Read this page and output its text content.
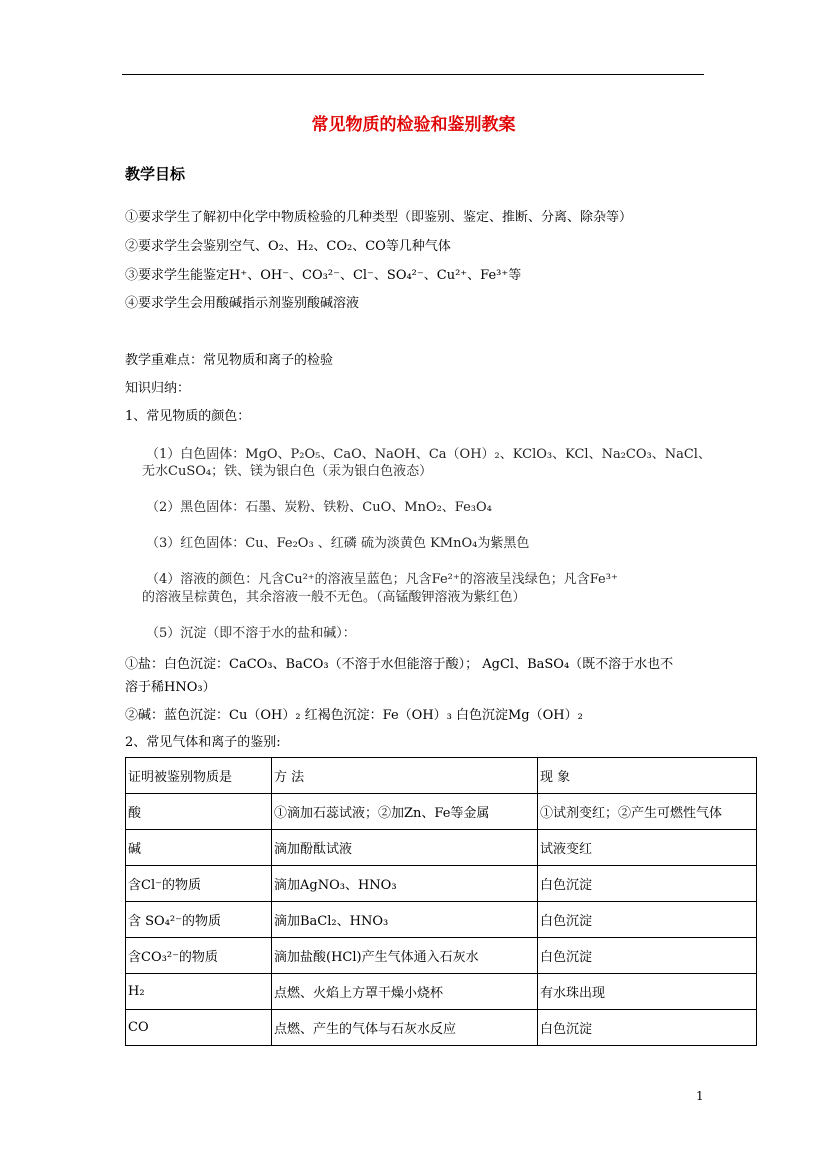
常见物质的检验和鉴别教案
教学目标
①要求学生了解初中化学中物质检验的几种类型（即鉴别、鉴定、推断、分离、除杂等）
②要求学生会鉴别空气、O₂、H₂、CO₂、CO等几种气体
③要求学生能鉴定H⁺、OH⁻、CO₃²⁻、Cl⁻、SO₄²⁻、Cu²⁺、Fe³⁺等
④要求学生会用酸碱指示剂鉴别酸碱溶液
教学重难点：常见物质和离子的检验
知识归纳：
1、常见物质的颜色：
（1）白色固体：MgO、P₂O₅、CaO、NaOH、Ca（OH）₂、KClO₃、KCl、Na₂CO₃、NaCl、
无水CuSO₄；铁、镁为银白色（汞为银白色液态）
（2）黑色固体：石墨、炭粉、铁粉、CuO、MnO₂、Fe₃O₄
（3）红色固体：Cu、Fe₂O₃ 、红磷 硫为淡黄色 KMnO₄为紫黑色
（4）溶液的颜色：凡含Cu²⁺的溶液呈蓝色；凡含Fe²⁺的溶液呈浅绿色；凡含Fe³⁺
的溶液呈棕黄色，其余溶液一般不无色。（高锰酸钾溶液为紫红色）
（5）沉淀（即不溶于水的盐和碱）：
①盐：白色沉淀：CaCO₃、BaCO₃（不溶于水但能溶于酸）； AgCl、BaSO₄（既不溶于水也不
溶于稀HNO₃）
②碱：蓝色沉淀：Cu（OH）₂ 红褐色沉淀：Fe（OH）₃ 白色沉淀Mg（OH）₂
2、常见气体和离子的鉴别:
证明被鉴别物质是	方 法	现 象
酸	①滴加石蕊试液；②加Zn、Fe等金属	①试剂变红；②产生可燃性气体
碱	滴加酚酞试液	试液变红
含Cl⁻的物质	滴加AgNO₃、HNO₃	白色沉淀
含 SO₄²⁻的物质	滴加BaCl₂、HNO₃	白色沉淀
含CO₃²⁻的物质	滴加盐酸(HCl)产生气体通入石灰水	白色沉淀
H₂	点燃、火焰上方罩干燥小烧杯	有水珠出现
CO	点燃、产生的气体与石灰水反应	白色沉淀
1
